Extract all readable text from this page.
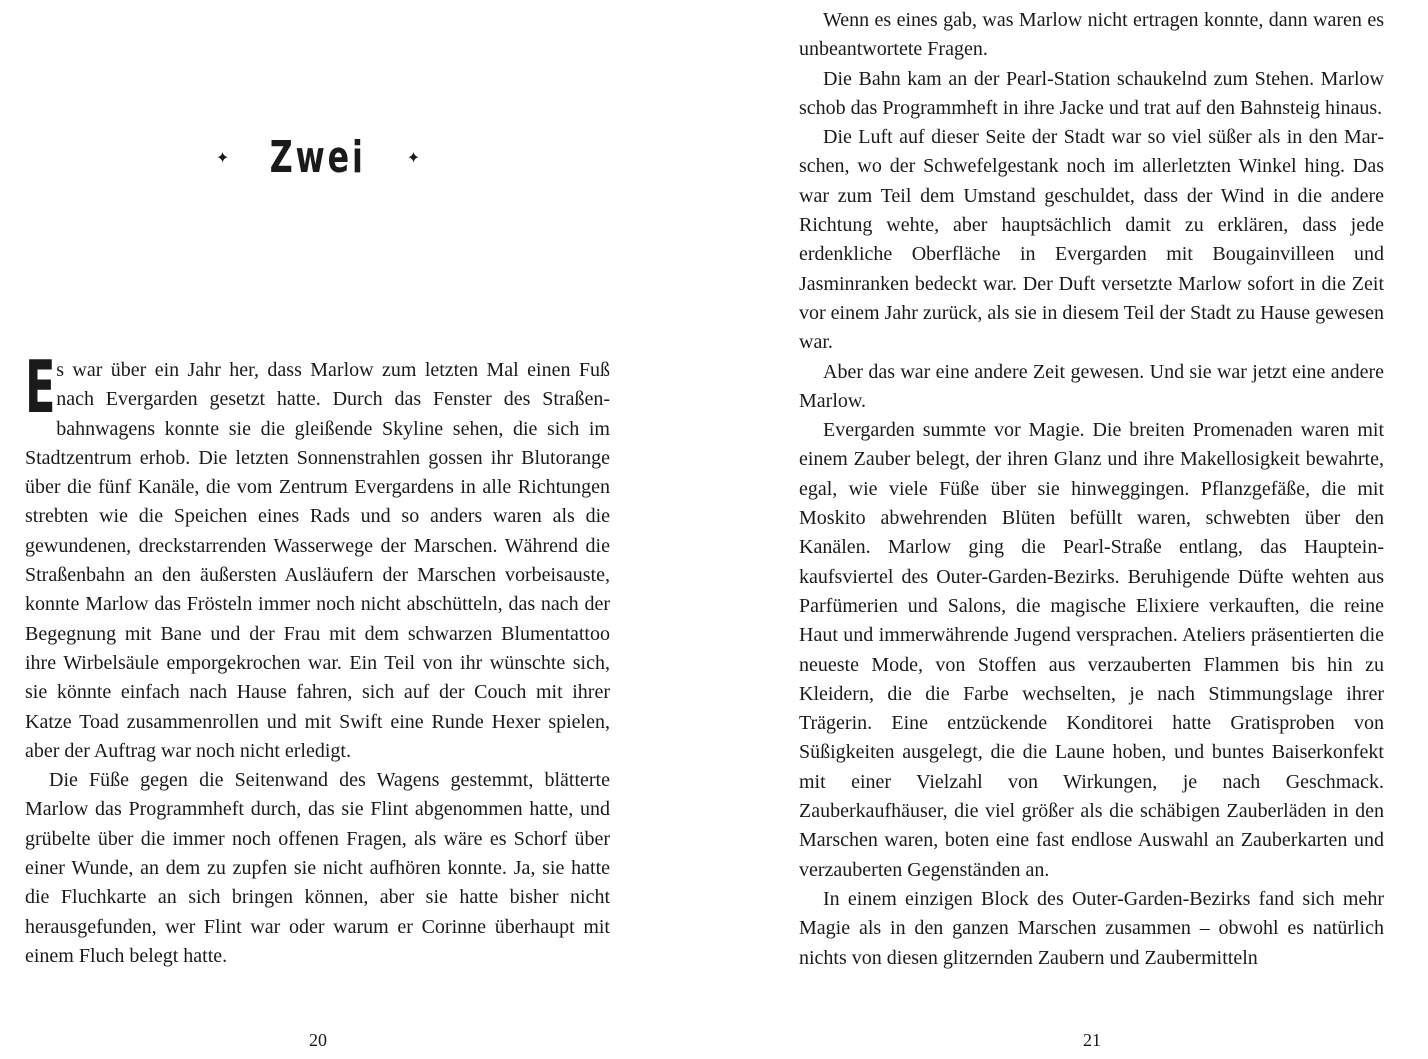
✦ Zwei	✦

Es war über ein Jahr her, dass Marlow zum letzten Mal einen Fuß nach Evergarden gesetzt hatte. Durch das Fenster des Straßenbahnwagens konnte sie die gleißende Skyline sehen, die sich im Stadtzentrum erhob. Die letzten Sonnenstrahlen gossen ihr Blutorange über die fünf Kanäle, die vom Zentrum Evergardens in alle Richtungen strebten wie die Speichen eines Rads und so anders waren als die gewundenen, dreckstarrenden Wasserwege der Marschen. Während die Straßenbahn an den äußersten Ausläufern der Marschen vorbeisauste, konnte Marlow das Frösteln immer noch nicht abschütteln, das nach der Begegnung mit Bane und der Frau mit dem schwarzen Blumentattoo ihre Wirbelsäule emporgekrochen war. Ein Teil von ihr wünschte sich, sie könnte einfach nach Hause fahren, sich auf der Couch mit ihrer Katze Toad zusammenrollen und mit Swift eine Runde Hexer spielen, aber der Auftrag war noch nicht erledigt.

Die Füße gegen die Seitenwand des Wagens gestemmt, blätterte Marlow das Programmheft durch, das sie Flint abgenommen hatte, und grübelte über die immer noch offenen Fragen, als wäre es Schorf über einer Wunde, an dem zu zupfen sie nicht aufhören konnte. Ja, sie hatte die Fluchkarte an sich bringen können, aber sie hatte bisher nicht herausgefunden, wer Flint war oder warum er Corinne überhaupt mit einem Fluch belegt hatte.

20

Wenn es eines gab, was Marlow nicht ertragen konnte, dann waren es unbeantwortete Fragen.

Die Bahn kam an der Pearl-Station schaukelnd zum Stehen. Marlow schob das Programmheft in ihre Jacke und trat auf den Bahnsteig hinaus.

Die Luft auf dieser Seite der Stadt war so viel süßer als in den Marschen, wo der Schwefelgestank noch im allerletzten Winkel hing. Das war zum Teil dem Umstand geschuldet, dass der Wind in die andere Richtung wehte, aber hauptsächlich damit zu erklären, dass jede erdenkliche Oberfläche in Evergarden mit Bougainvilleen und Jasminranken bedeckt war. Der Duft versetzte Marlow sofort in die Zeit vor einem Jahr zurück, als sie in diesem Teil der Stadt zu Hause gewesen war.

Aber das war eine andere Zeit gewesen. Und sie war jetzt eine andere Marlow.

Evergarden summte vor Magie. Die breiten Promenaden waren mit einem Zauber belegt, der ihren Glanz und ihre Makellosigkeit bewahrte, egal, wie viele Füße über sie hinweggingen. Pflanzgefäße, die mit Moskito abwehrenden Blüten befüllt waren, schwebten über den Kanälen. Marlow ging die Pearl-Straße entlang, das Haupteinkaufsviertel des Outer-Garden-Bezirks. Beruhigende Düfte wehten aus Parfümerien und Salons, die magische Elixiere verkauften, die reine Haut und immerwährende Jugend versprachen. Ateliers präsentierten die neueste Mode, von Stoffen aus verzauberten Flammen bis hin zu Kleidern, die die Farbe wechselten, je nach Stimmungslage ihrer Trägerin. Eine entzückende Konditorei hatte Gratisproben von Süßigkeiten ausgelegt, die die Laune hoben, und buntes Baiserkonfekt mit einer Vielzahl von Wirkungen, je nach Geschmack. Zauberkaufhäuser, die viel größer als die schäbigen Zauberläden in den Marschen waren, boten eine fast endlose Auswahl an Zauberkarten und verzauberten Gegenständen an.

In einem einzigen Block des Outer-Garden-Bezirks fand sich mehr Magie als in den ganzen Marschen zusammen – obwohl es natürlich nichts von diesen glitzernden Zaubern und Zaubermitteln

21
